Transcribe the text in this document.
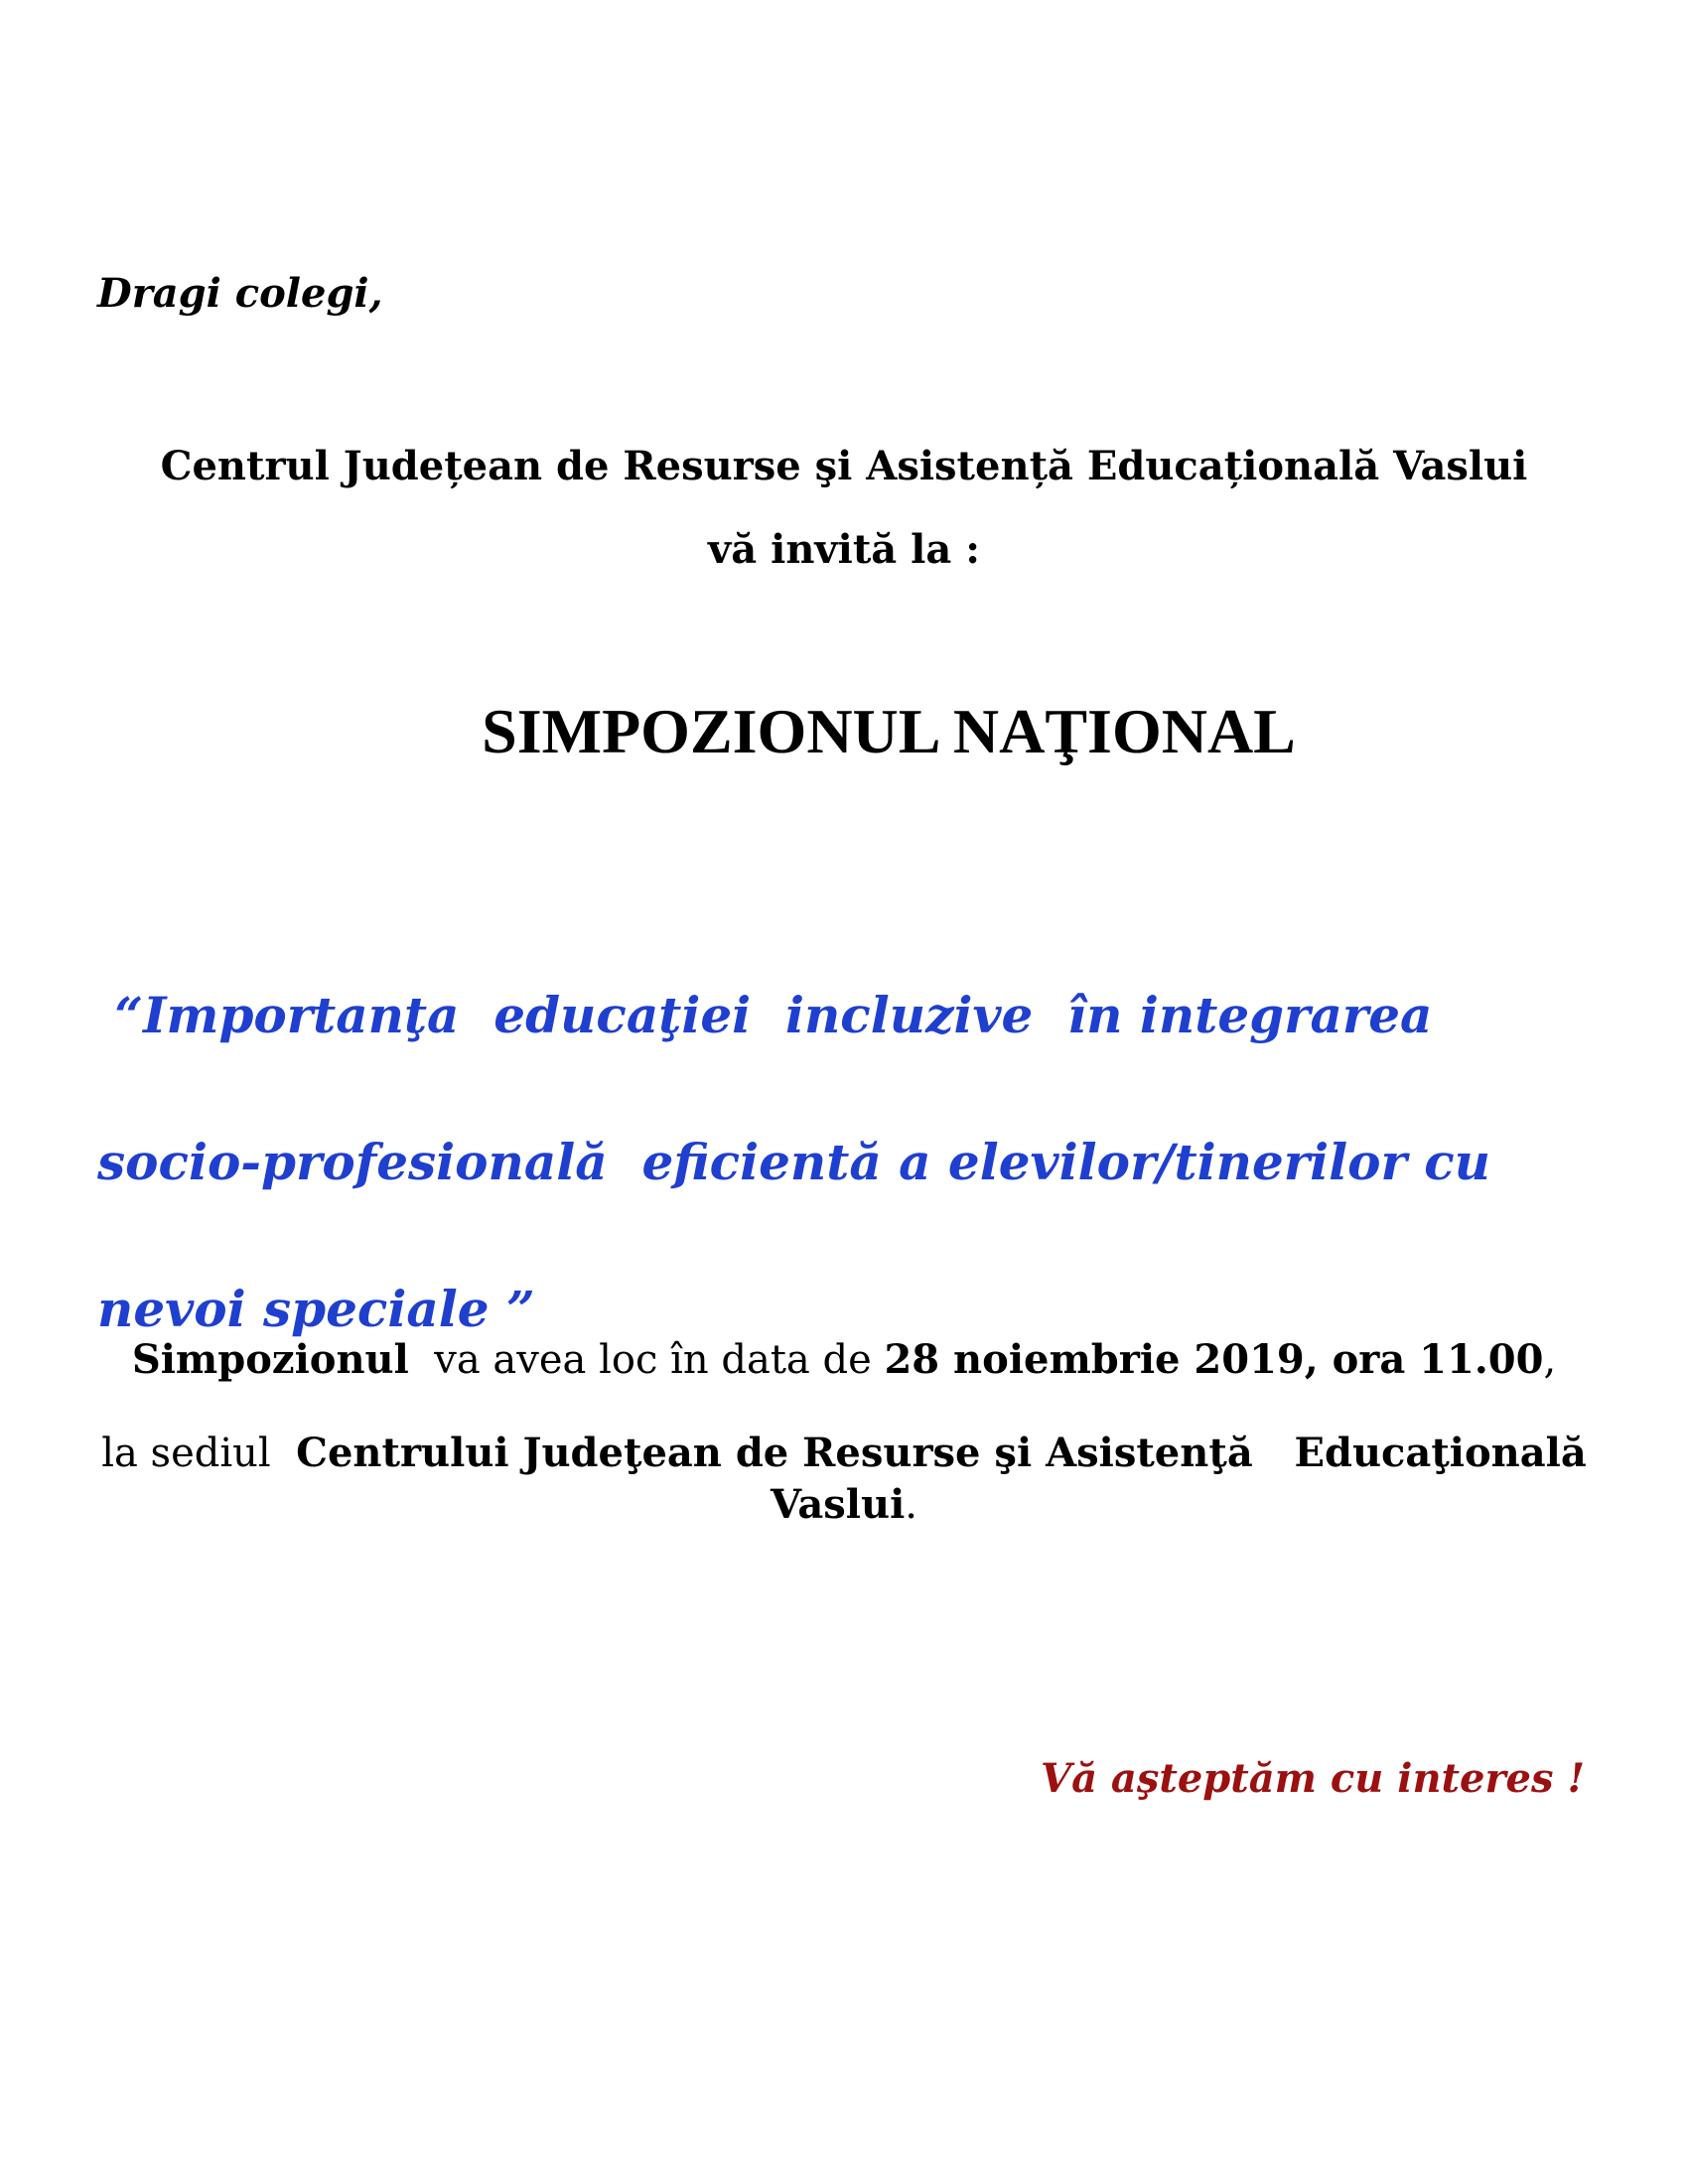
Dragi colegi,
Centrul Județean de Resurse şi Asistență Educațională Vaslui
vă invită la :
SIMPOZIONUL NAŢIONAL

“Importanţa  educaţiei  incluzive  în integrarea

socio-profesională  eficientă a elevilor/tinerilor cu

nevoi speciale ”

Simpozionul  va avea loc în data de 28 noiembrie 2019, ora 11.00,
la sediul  Centrului Judeţean de Resurse şi Asistenţă   Educaţională
Vaslui.
Vă aşteptăm cu interes !
